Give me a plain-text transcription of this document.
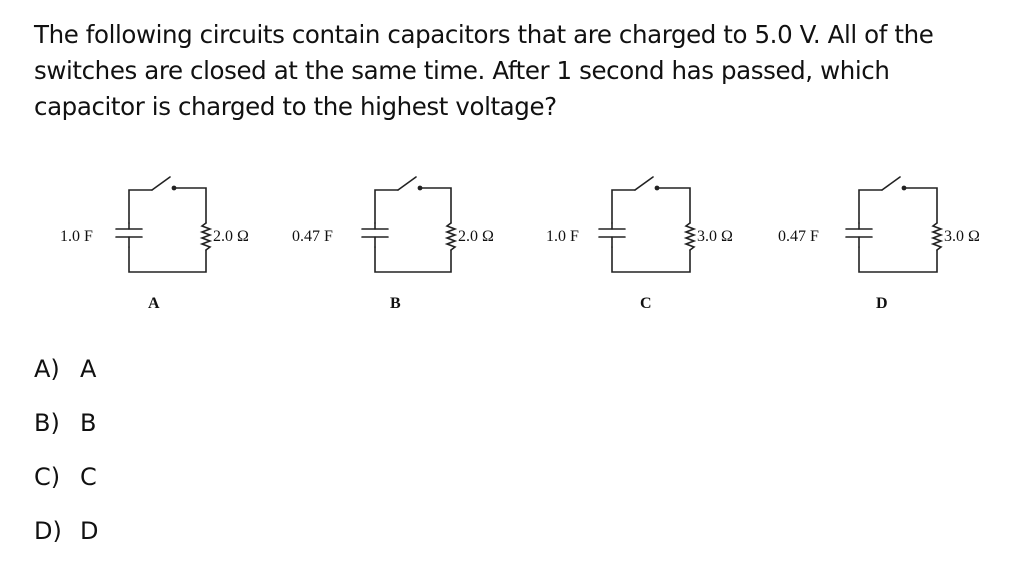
The following circuits contain capacitors that are charged to 5.0 V. All of the
switches are closed at the same time. After 1 second has passed, which
capacitor is charged to the highest voltage?
1.0 F	2.0 Ω
A
0.47 F	2.0 Ω
B
1.0 F	3.0 Ω
C
0.47 F	3.0 Ω
D
A) A
B) B
C) C
D) D
